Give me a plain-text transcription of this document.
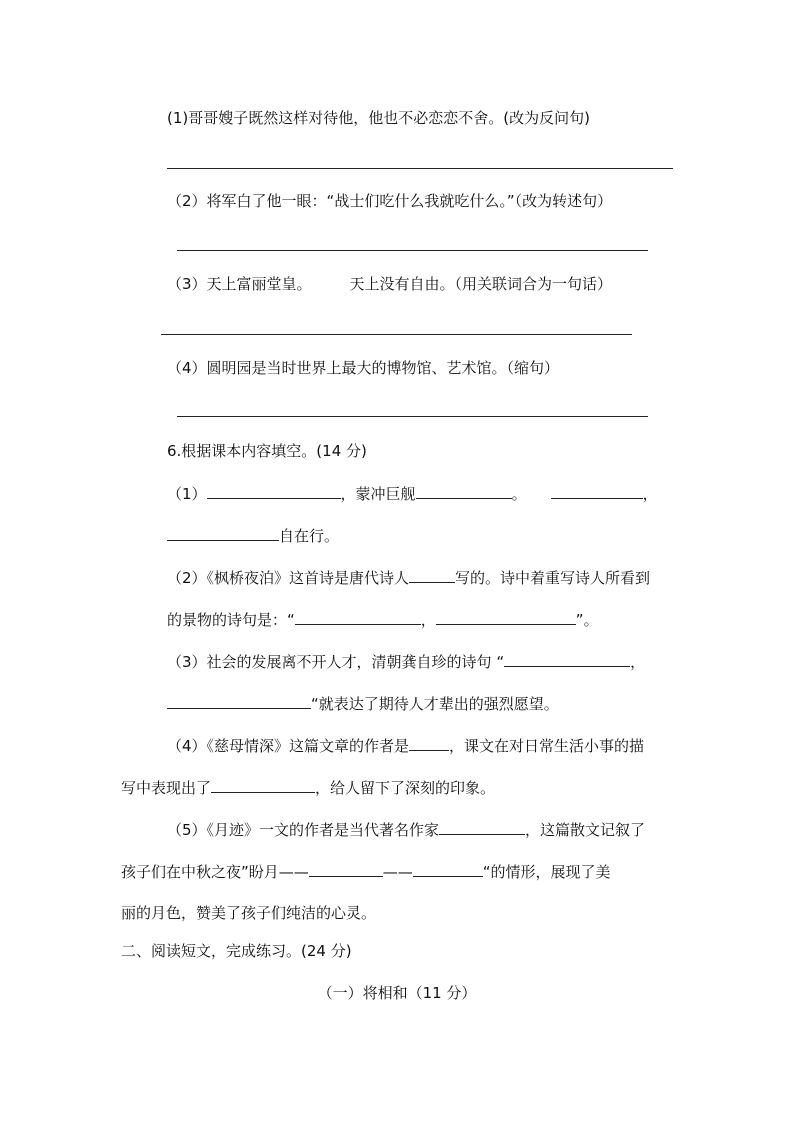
(1)哥哥嫂子既然这样对待他，他也不必恋恋不舍。(改为反问句)
（2）将军白了他一眼：“战士们吃什么我就吃什么。”（改为转述句）
（3）天上富丽堂皇。	天上没有自由。（用关联词合为一句话）
（4）圆明园是当时世界上最大的博物馆、艺术馆。（缩句）
6.根据课本内容填空。(14 分)
（1）	，蒙冲巨舰	。	，
自在行。
（2）《枫桥夜泊》这首诗是唐代诗人	写的。诗中着重写诗人所看到
的景物的诗句是：“	，	”。
（3）社会的发展离不开人才，清朝龚自珍的诗句 “	，
“就表达了期待人才辈出的强烈愿望。
（4）《慈母情深》这篇文章的作者是	，课文在对日常生活小事的描
写中表现出了	，给人留下了深刻的印象。
（5）《月迹》一文的作者是当代著名作家	，这篇散文记叙了
孩子们在中秋之夜”盼月——	——	“的情形，展现了美
丽的月色，赞美了孩子们纯洁的心灵。
二、阅读短文，完成练习。(24 分)
（一）将相和（11 分）
